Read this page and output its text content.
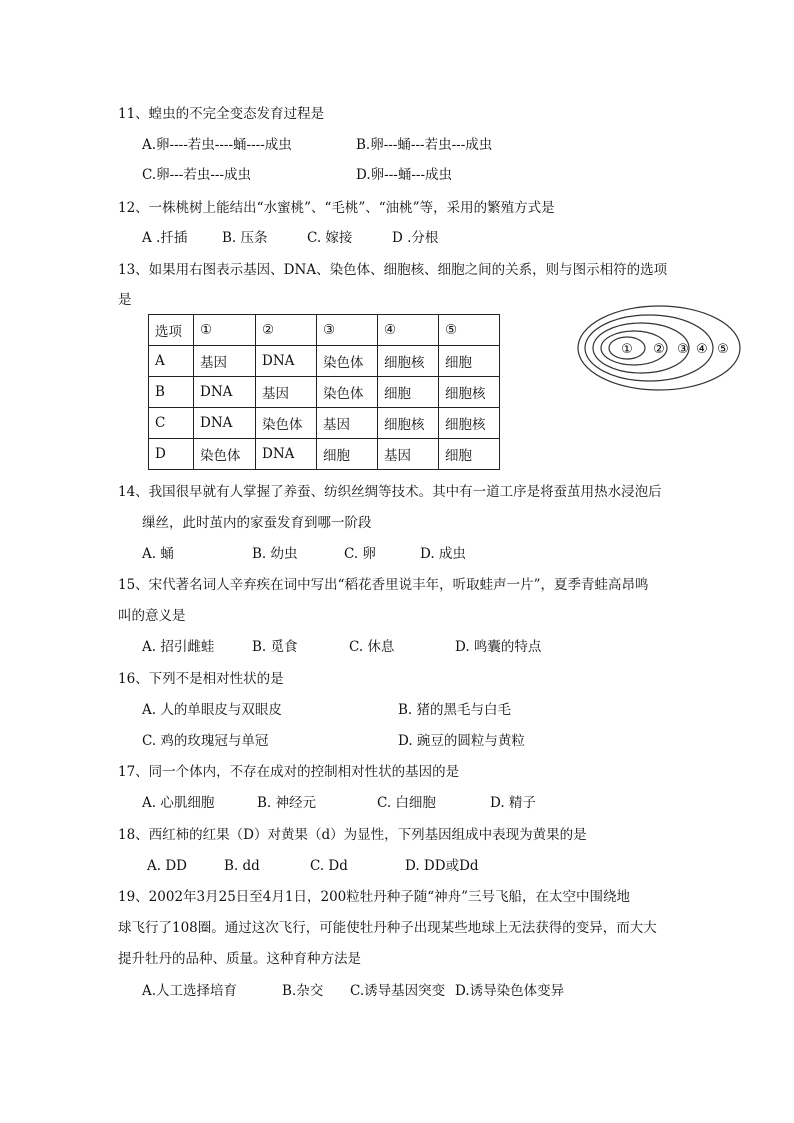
11、蝗虫的不完全变态发育过程是
A.卵----若虫----蛹----成虫	B.卵---蛹---若虫---成虫
C.卵---若虫---成虫	D.卵---蛹---成虫
12、一株桃树上能结出“水蜜桃”、“毛桃”、“油桃”等，采用的繁殖方式是
A .扦插	B. 压条	C. 嫁接	D .分根
13、如果用右图表示基因、DNA、染色体、细胞核、细胞之间的关系，则与图示相符的选项
是
选项	①	②	③	④	⑤
A	基因	DNA	染色体	细胞核	细胞
B	DNA	基因	染色体	细胞	细胞核
C	DNA	染色体	基因	细胞核	细胞核
D	染色体	DNA	细胞	基因	细胞
① ② ③ ④ ⑤
14、我国很早就有人掌握了养蚕、纺织丝绸等技术。其中有一道工序是将蚕茧用热水浸泡后
缫丝，此时茧内的家蚕发育到哪一阶段
A. 蛹	B. 幼虫	C. 卵	D. 成虫
15、宋代著名词人辛弃疾在词中写出“稻花香里说丰年，听取蛙声一片”，夏季青蛙高昂鸣
叫的意义是
A. 招引雌蛙	B. 觅食	C. 休息	D. 鸣囊的特点
16、下列不是相对性状的是
A. 人的单眼皮与双眼皮	B. 猪的黑毛与白毛
C. 鸡的玫瑰冠与单冠	D. 豌豆的圆粒与黄粒
17、同一个体内，不存在成对的控制相对性状的基因的是
A. 心肌细胞	B. 神经元	C. 白细胞	D. 精子
18、西红柿的红果（D）对黄果（d）为显性，下列基因组成中表现为黄果的是
A. DD	B. dd	C. Dd	D. DD或Dd
19、2002年3月25日至4月1日，200粒牡丹种子随“神舟”三号飞船，在太空中围绕地
球飞行了108圈。通过这次飞行，可能使牡丹种子出现某些地球上无法获得的变异，而大大
提升牡丹的品种、质量。这种育种方法是
A.人工选择培育	B.杂交 C.诱导基因突变 D.诱导染色体变异
